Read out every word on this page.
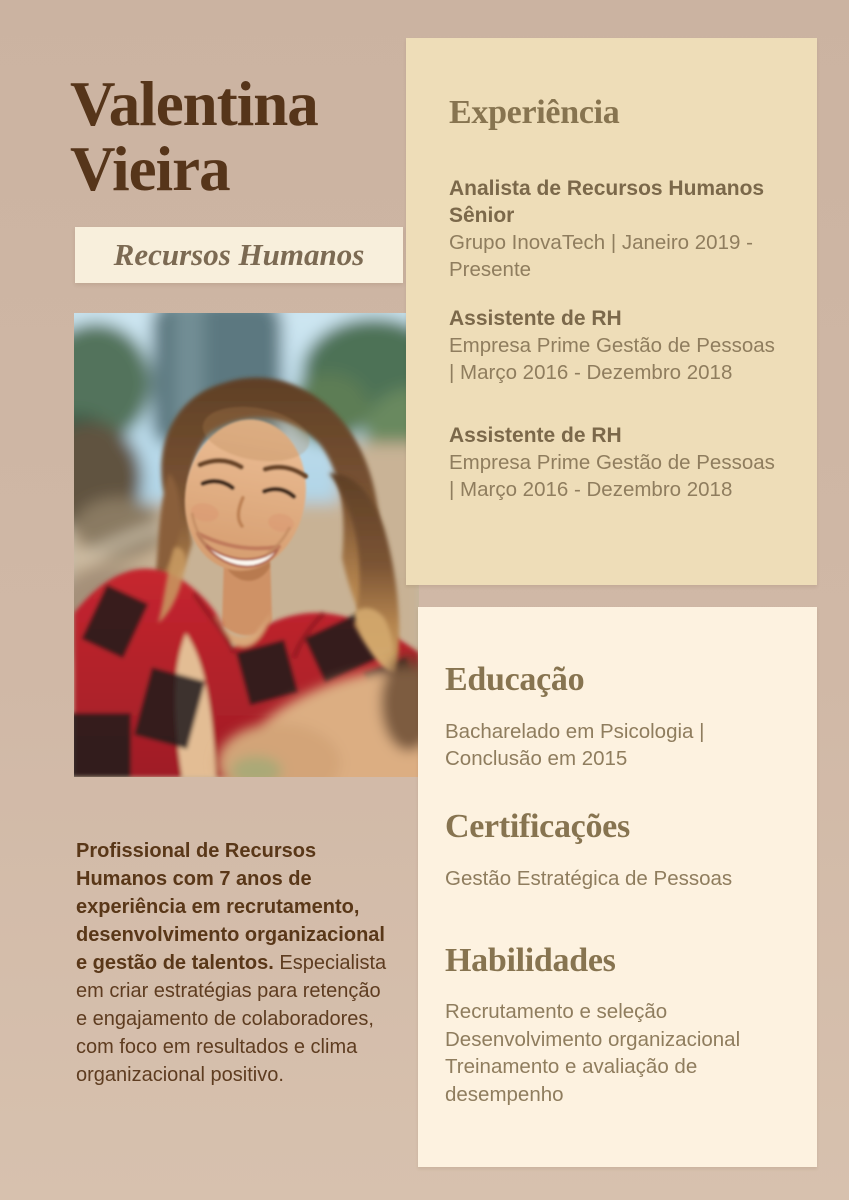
Valentina Vieira
Recursos Humanos

Profissional de Recursos Humanos com 7 anos de experiência em recrutamento, desenvolvimento organizacional e gestão de talentos. Especialista em criar estratégias para retenção e engajamento de colaboradores, com foco em resultados e clima organizacional positivo.

Experiência
Analista de Recursos Humanos Sênior
Grupo InovaTech | Janeiro 2019 - Presente
Assistente de RH
Empresa Prime Gestão de Pessoas | Março 2016 - Dezembro 2018
Assistente de RH
Empresa Prime Gestão de Pessoas | Março 2016 - Dezembro 2018
Educação
Bacharelado em Psicologia | Conclusão em 2015
Certificações
Gestão Estratégica de Pessoas
Habilidades
Recrutamento e seleção
Desenvolvimento organizacional
Treinamento e avaliação de desempenho
